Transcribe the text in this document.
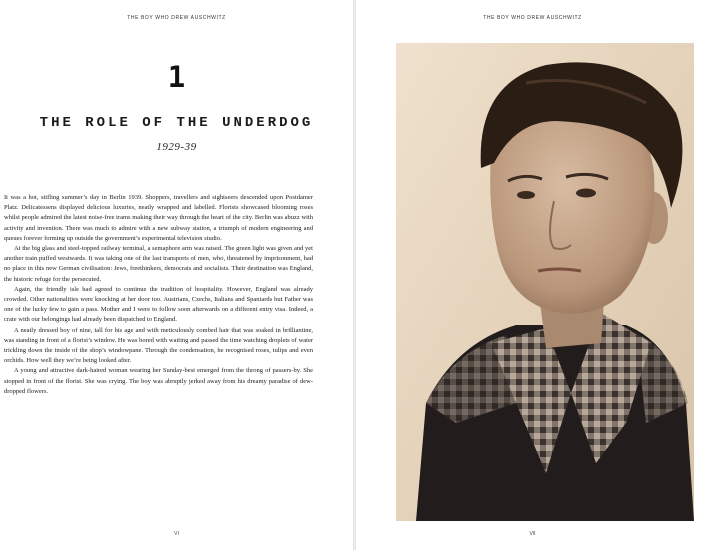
THE BOY WHO DREW AUSCHWITZ
1
THE ROLE OF THE UNDERDOG
1929-39

It was a hot, stifling summer’s day in Berlin 1939. Shoppers, travellers and sightseers descended upon Postdamer Platz. Delicatessens displayed delicious luxuries, neatly wrapped and labelled. Florists showcased blooming roses whilst people admired the latest noise-free trams making their way through the heart of the city. Berlin was abuzz with activity and invention. There was much to admire with a new subway station, a triumph of modern engineering and queues forever forming up outside the government’s experimental television studio.

At the big glass and steel-topped railway terminal, a semaphore arm was raised. The green light was given and yet another train puffed westwards. It was taking one of the last transports of men, who, threatened by imprisonment, had no place in this new German civilisation: Jews, freethinkers, democrats and socialists. Their destination was England, the historic refuge for the persecuted.

Again, the friendly isle had agreed to continue the tradition of hospitality. However, England was already crowded. Other nationalities were knocking at her door too. Austrians, Czechs, Italians and Spaniards but Father was one of the lucky few to gain a pass. Mother and I were to follow soon afterwards on a different entry visa. Indeed, a crate with our belongings had already been dispatched to England.

A neatly dressed boy of nine, tall for his age and with meticulously combed hair that was soaked in brilliantine, was standing in front of a florist’s window. He was bored with waiting and passed the time watching droplets of water trickling down the inside of the shop’s windowpane. Through the condensation, he recognised roses, tulips and even orchids. How well they we’re being looked after.

A young and attractive dark-haired woman wearing her Sunday-best emerged from the throng of passers-by. She stopped in front of the florist. She was crying. The boy was abruptly jerked away from his dreamy paradise of dew-dropped flowers.

VI
THE BOY WHO DREW AUSCHWITZ
VII
